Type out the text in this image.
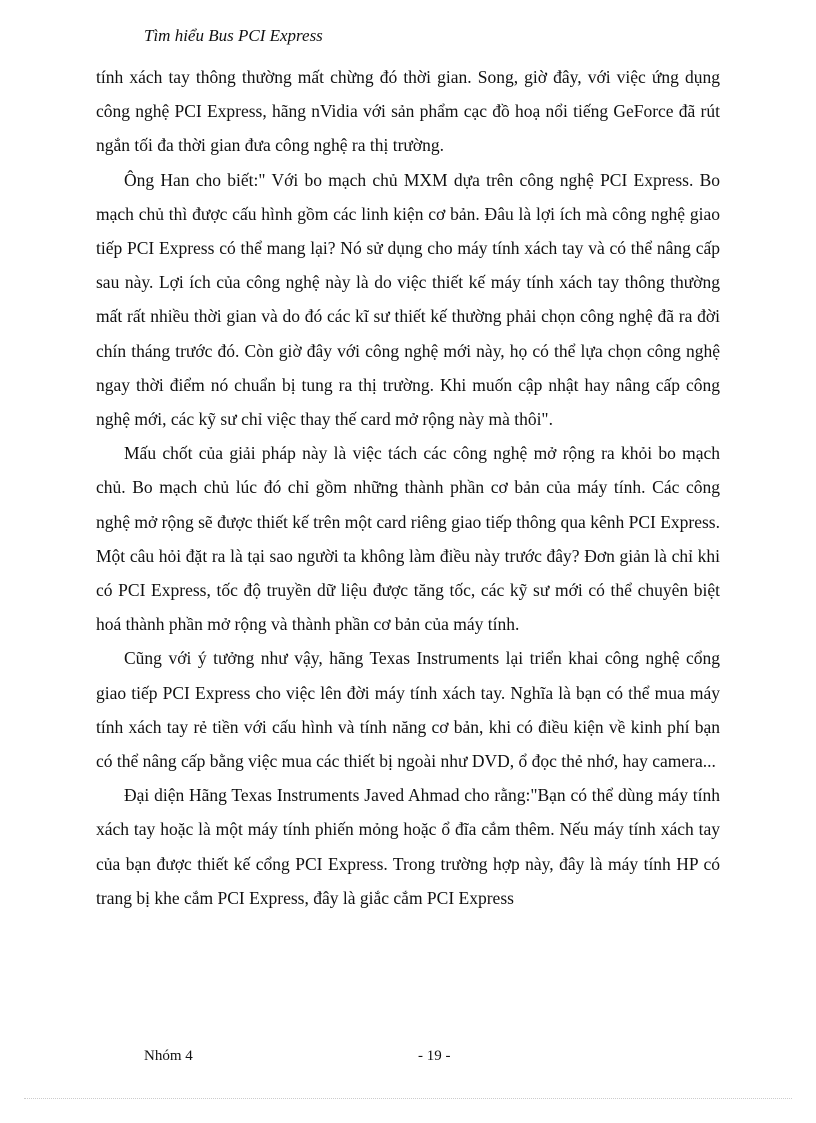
Tìm hiểu Bus PCI Express

tính xách tay thông thường mất chừng đó thời gian. Song, giờ đây, với việc ứng dụng công nghệ PCI Express, hãng nVidia với sản phẩm cạc đồ hoạ nổi tiếng GeForce đã rút ngắn tối đa thời gian đưa công nghệ ra thị trường.

Ông Han cho biết:" Với bo mạch chủ MXM dựa trên công nghệ PCI Express. Bo mạch chủ thì được cấu hình gồm các linh kiện cơ bản. Đâu là lợi ích mà công nghệ giao tiếp PCI Express có thể mang lại? Nó sử dụng cho máy tính xách tay và có thể nâng cấp sau này. Lợi ích của công nghệ này là do việc thiết kế máy tính xách tay thông thường mất rất nhiều thời gian và do đó các kĩ sư thiết kế thường phải chọn công nghệ đã ra đời chín tháng trước đó. Còn giờ đây với công nghệ mới này, họ có thể lựa chọn công nghệ ngay thời điểm nó chuẩn bị tung ra thị trường. Khi muốn cập nhật hay nâng cấp công nghệ mới, các kỹ sư chỉ việc thay thế card mở rộng này mà thôi".

Mấu chốt của giải pháp này là việc tách các công nghệ mở rộng ra khỏi bo mạch chủ. Bo mạch chủ lúc đó chỉ gồm những thành phần cơ bản của máy tính. Các công nghệ mở rộng sẽ được thiết kế trên một card riêng giao tiếp thông qua kênh PCI Express. Một câu hỏi đặt ra là tại sao người ta không làm điều này trước đây? Đơn giản là chỉ khi có PCI Express, tốc độ truyền dữ liệu được tăng tốc, các kỹ sư mới có thể chuyên biệt hoá thành phần mở rộng và thành phần cơ bản của máy tính.

Cũng với ý tưởng như vậy, hãng Texas Instruments lại triển khai công nghệ cổng giao tiếp PCI Express cho việc lên đời máy tính xách tay. Nghĩa là bạn có thể mua máy tính xách tay rẻ tiền với cấu hình và tính năng cơ bản, khi có điều kiện về kinh phí bạn có thể nâng cấp bằng việc mua các thiết bị ngoài như DVD, ổ đọc thẻ nhớ, hay camera...

Đại diện Hãng Texas Instruments Javed Ahmad cho rằng:"Bạn có thể dùng máy tính xách tay hoặc là một máy tính phiến mỏng hoặc ổ đĩa cắm thêm. Nếu máy tính xách tay của bạn được thiết kế cổng PCI Express. Trong trường hợp này, đây là máy tính HP có trang bị khe cắm PCI Express, đây là giắc cắm PCI Express

Nhóm 4	- 19 -
